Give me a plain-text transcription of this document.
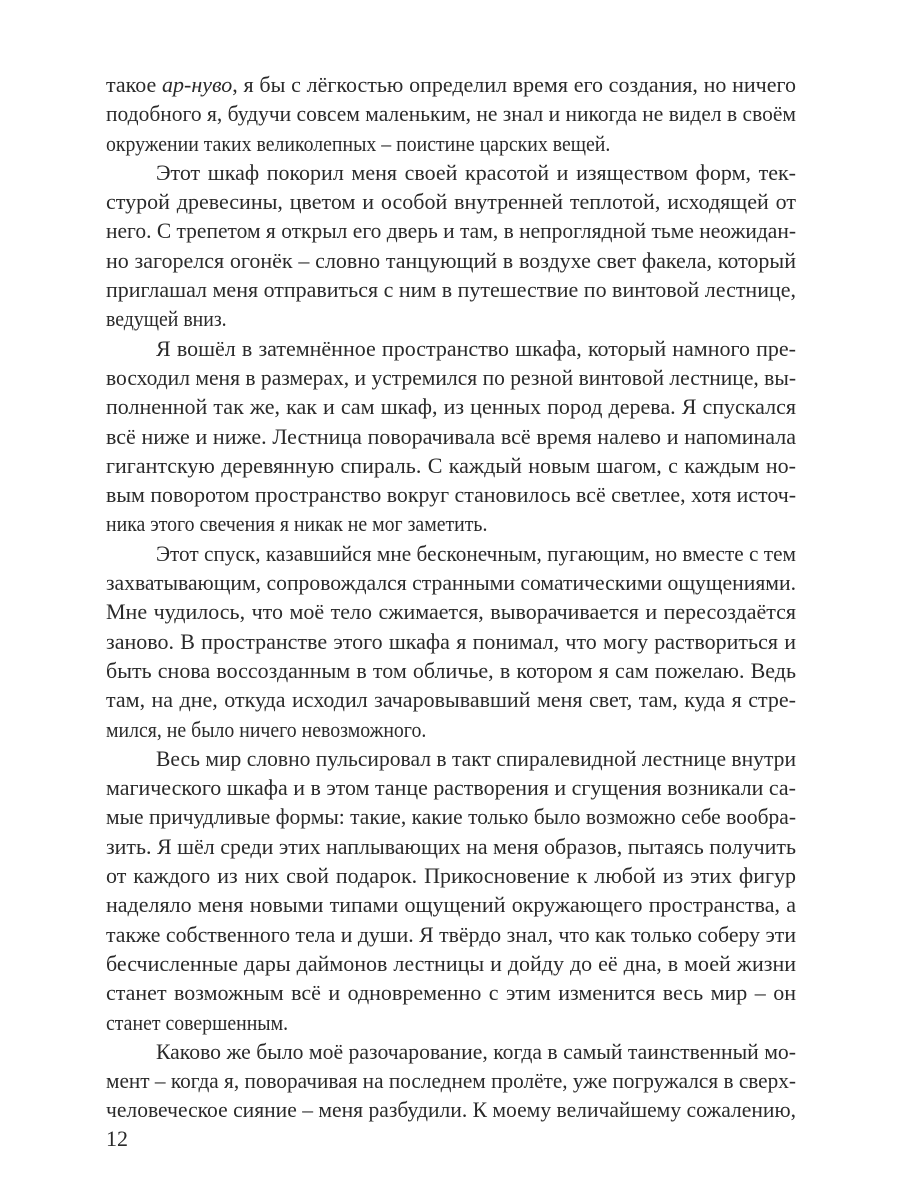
такое ар-нуво, я бы с лёгкостью определил время его создания, но ничего
подобного я, будучи совсем маленьким, не знал и никогда не видел в своём
окружении таких великолепных – поистине царских вещей.
Этот шкаф покорил меня своей красотой и изяществом форм, тек-
стурой древесины, цветом и особой внутренней теплотой, исходящей от
него. С трепетом я открыл его дверь и там, в непроглядной тьме неожидан-
но загорелся огонёк – словно танцующий в воздухе свет факела, который
приглашал меня отправиться с ним в путешествие по винтовой лестнице,
ведущей вниз.
Я вошёл в затемнённое пространство шкафа, который намного пре-
восходил меня в размерах, и устремился по резной винтовой лестнице, вы-
полненной так же, как и сам шкаф, из ценных пород дерева. Я спускался
всё ниже и ниже. Лестница поворачивала всё время налево и напоминала
гигантскую деревянную спираль. С каждый новым шагом, с каждым но-
вым поворотом пространство вокруг становилось всё светлее, хотя источ-
ника этого свечения я никак не мог заметить.
Этот спуск, казавшийся мне бесконечным, пугающим, но вместе с тем
захватывающим, сопровождался странными соматическими ощущениями.
Мне чудилось, что моё тело сжимается, выворачивается и пересоздаётся
заново. В пространстве этого шкафа я понимал, что могу раствориться и
быть снова воссозданным в том обличье, в котором я сам пожелаю. Ведь
там, на дне, откуда исходил зачаровывавший меня свет, там, куда я стре-
мился, не было ничего невозможного.
Весь мир словно пульсировал в такт спиралевидной лестнице внутри
магического шкафа и в этом танце растворения и сгущения возникали са-
мые причудливые формы: такие, какие только было возможно себе вообра-
зить. Я шёл среди этих наплывающих на меня образов, пытаясь получить
от каждого из них свой подарок. Прикосновение к любой из этих фигур
наделяло меня новыми типами ощущений окружающего пространства, а
также собственного тела и души. Я твёрдо знал, что как только соберу эти
бесчисленные дары даймонов лестницы и дойду до её дна, в моей жизни
станет возможным всё и одновременно с этим изменится весь мир – он
станет совершенным.
Каково же было моё разочарование, когда в самый таинственный мо-
мент – когда я, поворачивая на последнем пролёте, уже погружался в сверх-
человеческое сияние – меня разбудили. К моему величайшему сожалению,
12
